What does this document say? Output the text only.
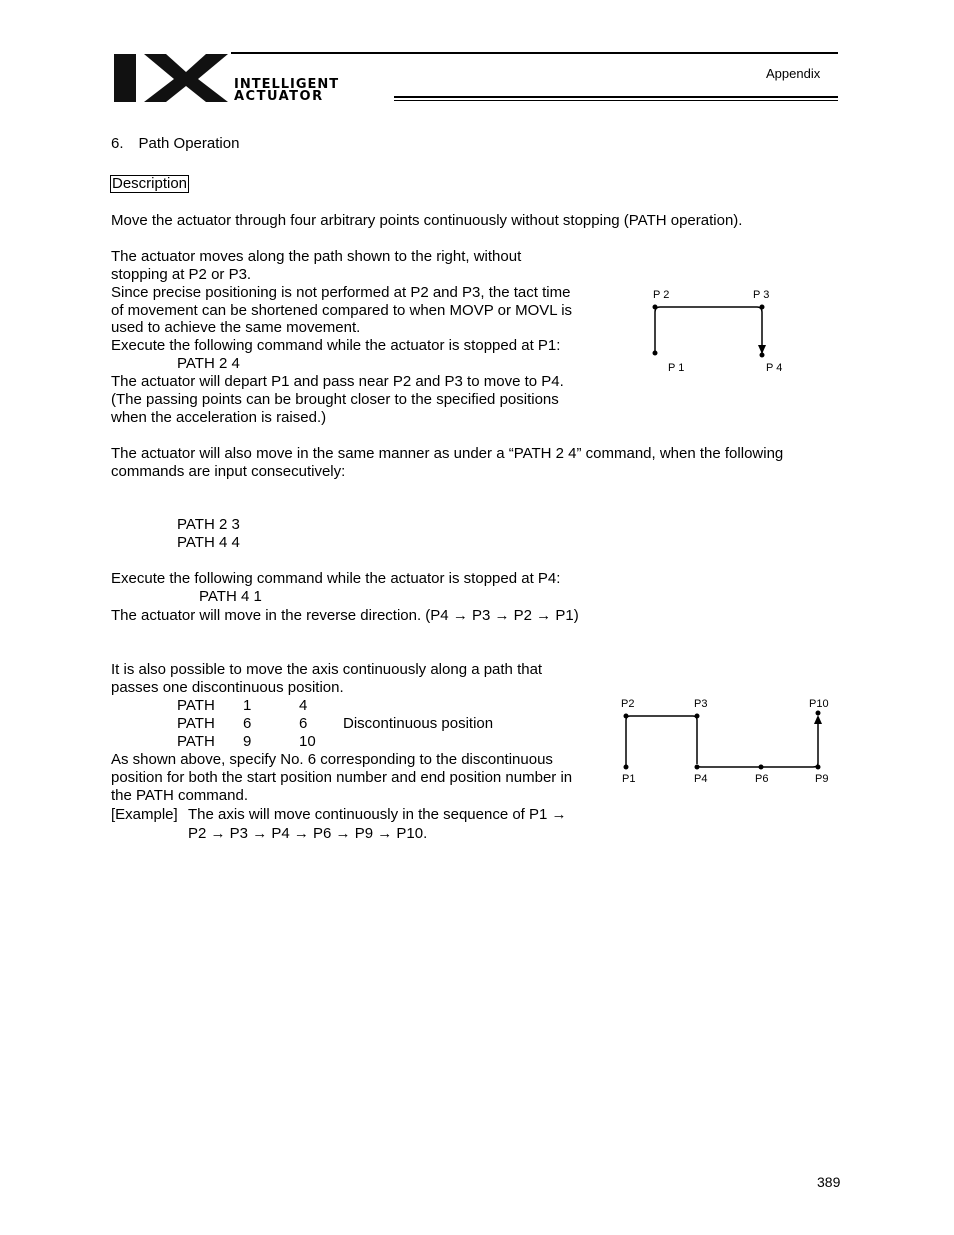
INTELLIGENT
ACTUATOR
Appendix
6. Path Operation
Description
Move the actuator through four arbitrary points continuously without stopping (PATH operation).
The actuator moves along the path shown to the right, without
stopping at P2 or P3.
Since precise positioning is not performed at P2 and P3, the tact time
of movement can be shortened compared to when MOVP or MOVL is
used to achieve the same movement.
Execute the following command while the actuator is stopped at P1:
PATH 2 4
The actuator will depart P1 and pass near P2 and P3 to move to P4.
(The passing points can be brought closer to the specified positions
when the acceleration is raised.)
P 2	P 3
P 1	P 4
The actuator will also move in the same manner as under a “PATH 2 4” command, when the following
commands are input consecutively:
PATH 2 3
PATH 4 4
Execute the following command while the actuator is stopped at P4:
PATH 4 1
The actuator will move in the reverse direction. (P4 → P3 → P2 → P1)
It is also possible to move the axis continuously along a path that
passes one discontinuous position.
PATH 1	4
PATH 6	6 Discontinuous position
PATH 9	10
As shown above, specify No. 6 corresponding to the discontinuous
position for both the start position number and end position number in
the PATH command.
[Example] The axis will move continuously in the sequence of P1 →
P2 → P3 → P4 → P6 → P9 → P10.
P2	P3	P10
P1	P4	P6	P9
389
